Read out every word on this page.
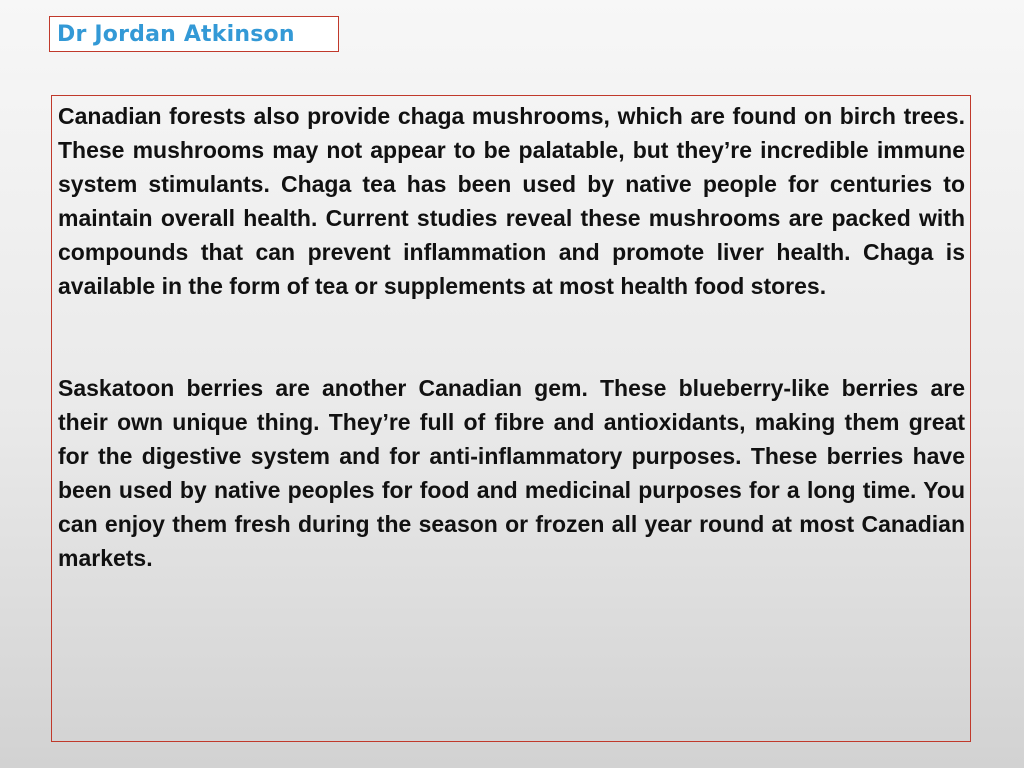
Dr Jordan Atkinson

Canadian forests also provide chaga mushrooms, which are found on birch trees. These mushrooms may not appear to be palatable, but they’re incredible immune system stimulants. Chaga tea has been used by native people for centuries to maintain overall health. Current studies reveal these mushrooms are packed with compounds that can prevent inflammation and promote liver health. Chaga is available in the form of tea or supplements at most health food stores.

Saskatoon berries are another Canadian gem. These blueberry-like berries are their own unique thing. They’re full of fibre and antioxidants, making them great for the digestive system and for anti-inflammatory purposes. These berries have been used by native peoples for food and medicinal purposes for a long time. You can enjoy them fresh during the season or frozen all year round at most Canadian markets.
